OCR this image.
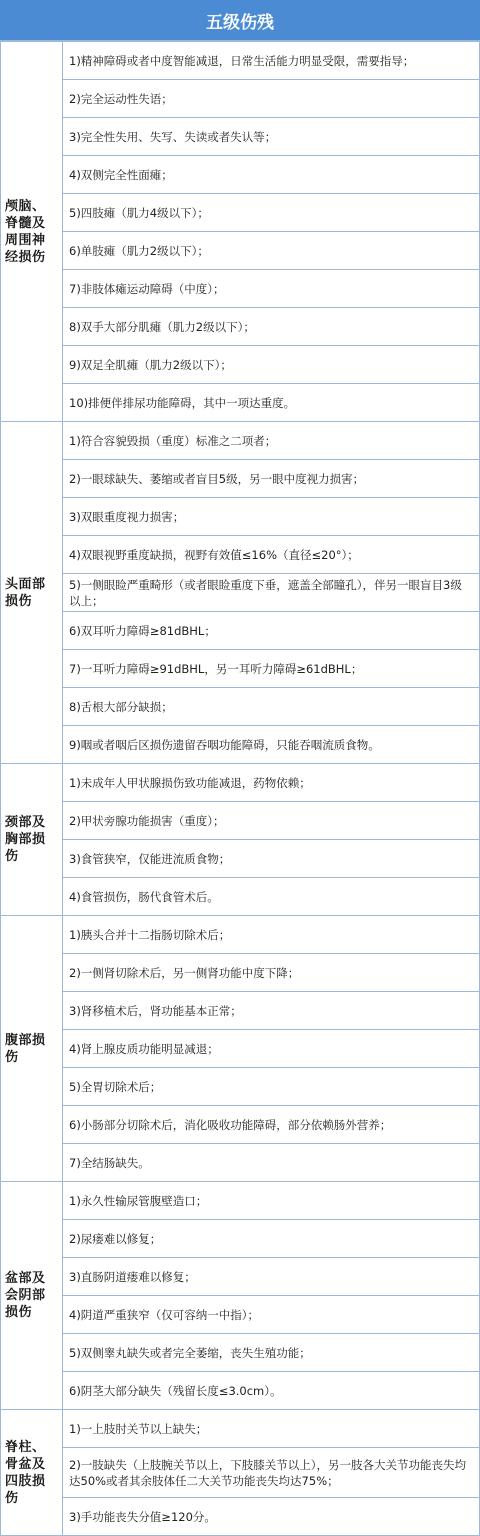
五级伤残
颅脑、脊髓及周围神经损伤	1)精神障碍或者中度智能减退，日常生活能力明显受限，需要指导；
	2)完全运动性失语；
	3)完全性失用、失写、失读或者失认等；
	4)双侧完全性面瘫；
	5)四肢瘫（肌力4级以下）；
	6)单肢瘫（肌力2级以下）；
	7)非肢体瘫运动障碍（中度）；
	8)双手大部分肌瘫（肌力2级以下）；
	9)双足全肌瘫（肌力2级以下）；
	10)排便伴排尿功能障碍，其中一项达重度。
头面部损伤	1)符合容貌毁损（重度）标准之二项者；
	2)一眼球缺失、萎缩或者盲目5级，另一眼中度视力损害；
	3)双眼重度视力损害；
	4)双眼视野重度缺损，视野有效值≤16%（直径≤20°）；
	5)一侧眼睑严重畸形（或者眼睑重度下垂，遮盖全部瞳孔），伴另一眼盲目3级以上；
	6)双耳听力障碍≥81dBHL；
	7)一耳听力障碍≥91dBHL，另一耳听力障碍≥61dBHL；
	8)舌根大部分缺损；
	9)咽或者咽后区损伤遗留吞咽功能障碍，只能吞咽流质食物。
颈部及胸部损伤	1)未成年人甲状腺损伤致功能减退，药物依赖；
	2)甲状旁腺功能损害（重度）；
	3)食管狭窄，仅能进流质食物；
	4)食管损伤，肠代食管术后。
腹部损伤	1)胰头合并十二指肠切除术后；
	2)一侧肾切除术后，另一侧肾功能中度下降；
	3)肾移植术后，肾功能基本正常；
	4)肾上腺皮质功能明显减退；
	5)全胃切除术后；
	6)小肠部分切除术后，消化吸收功能障碍，部分依赖肠外营养；
	7)全结肠缺失。
盆部及会阴部损伤	1)永久性输尿管腹壁造口；
	2)尿瘘难以修复；
	3)直肠阴道瘘难以修复；
	4)阴道严重狭窄（仅可容纳一中指）；
	5)双侧睾丸缺失或者完全萎缩，丧失生殖功能；
	6)阴茎大部分缺失（残留长度≤3.0cm）。
脊柱、骨盆及四肢损伤	1)一上肢肘关节以上缺失；
	2)一肢缺失（上肢腕关节以上，下肢膝关节以上），另一肢各大关节功能丧失均达50%或者其余肢体任二大关节功能丧失均达75%；
	3)手功能丧失分值≥120分。
